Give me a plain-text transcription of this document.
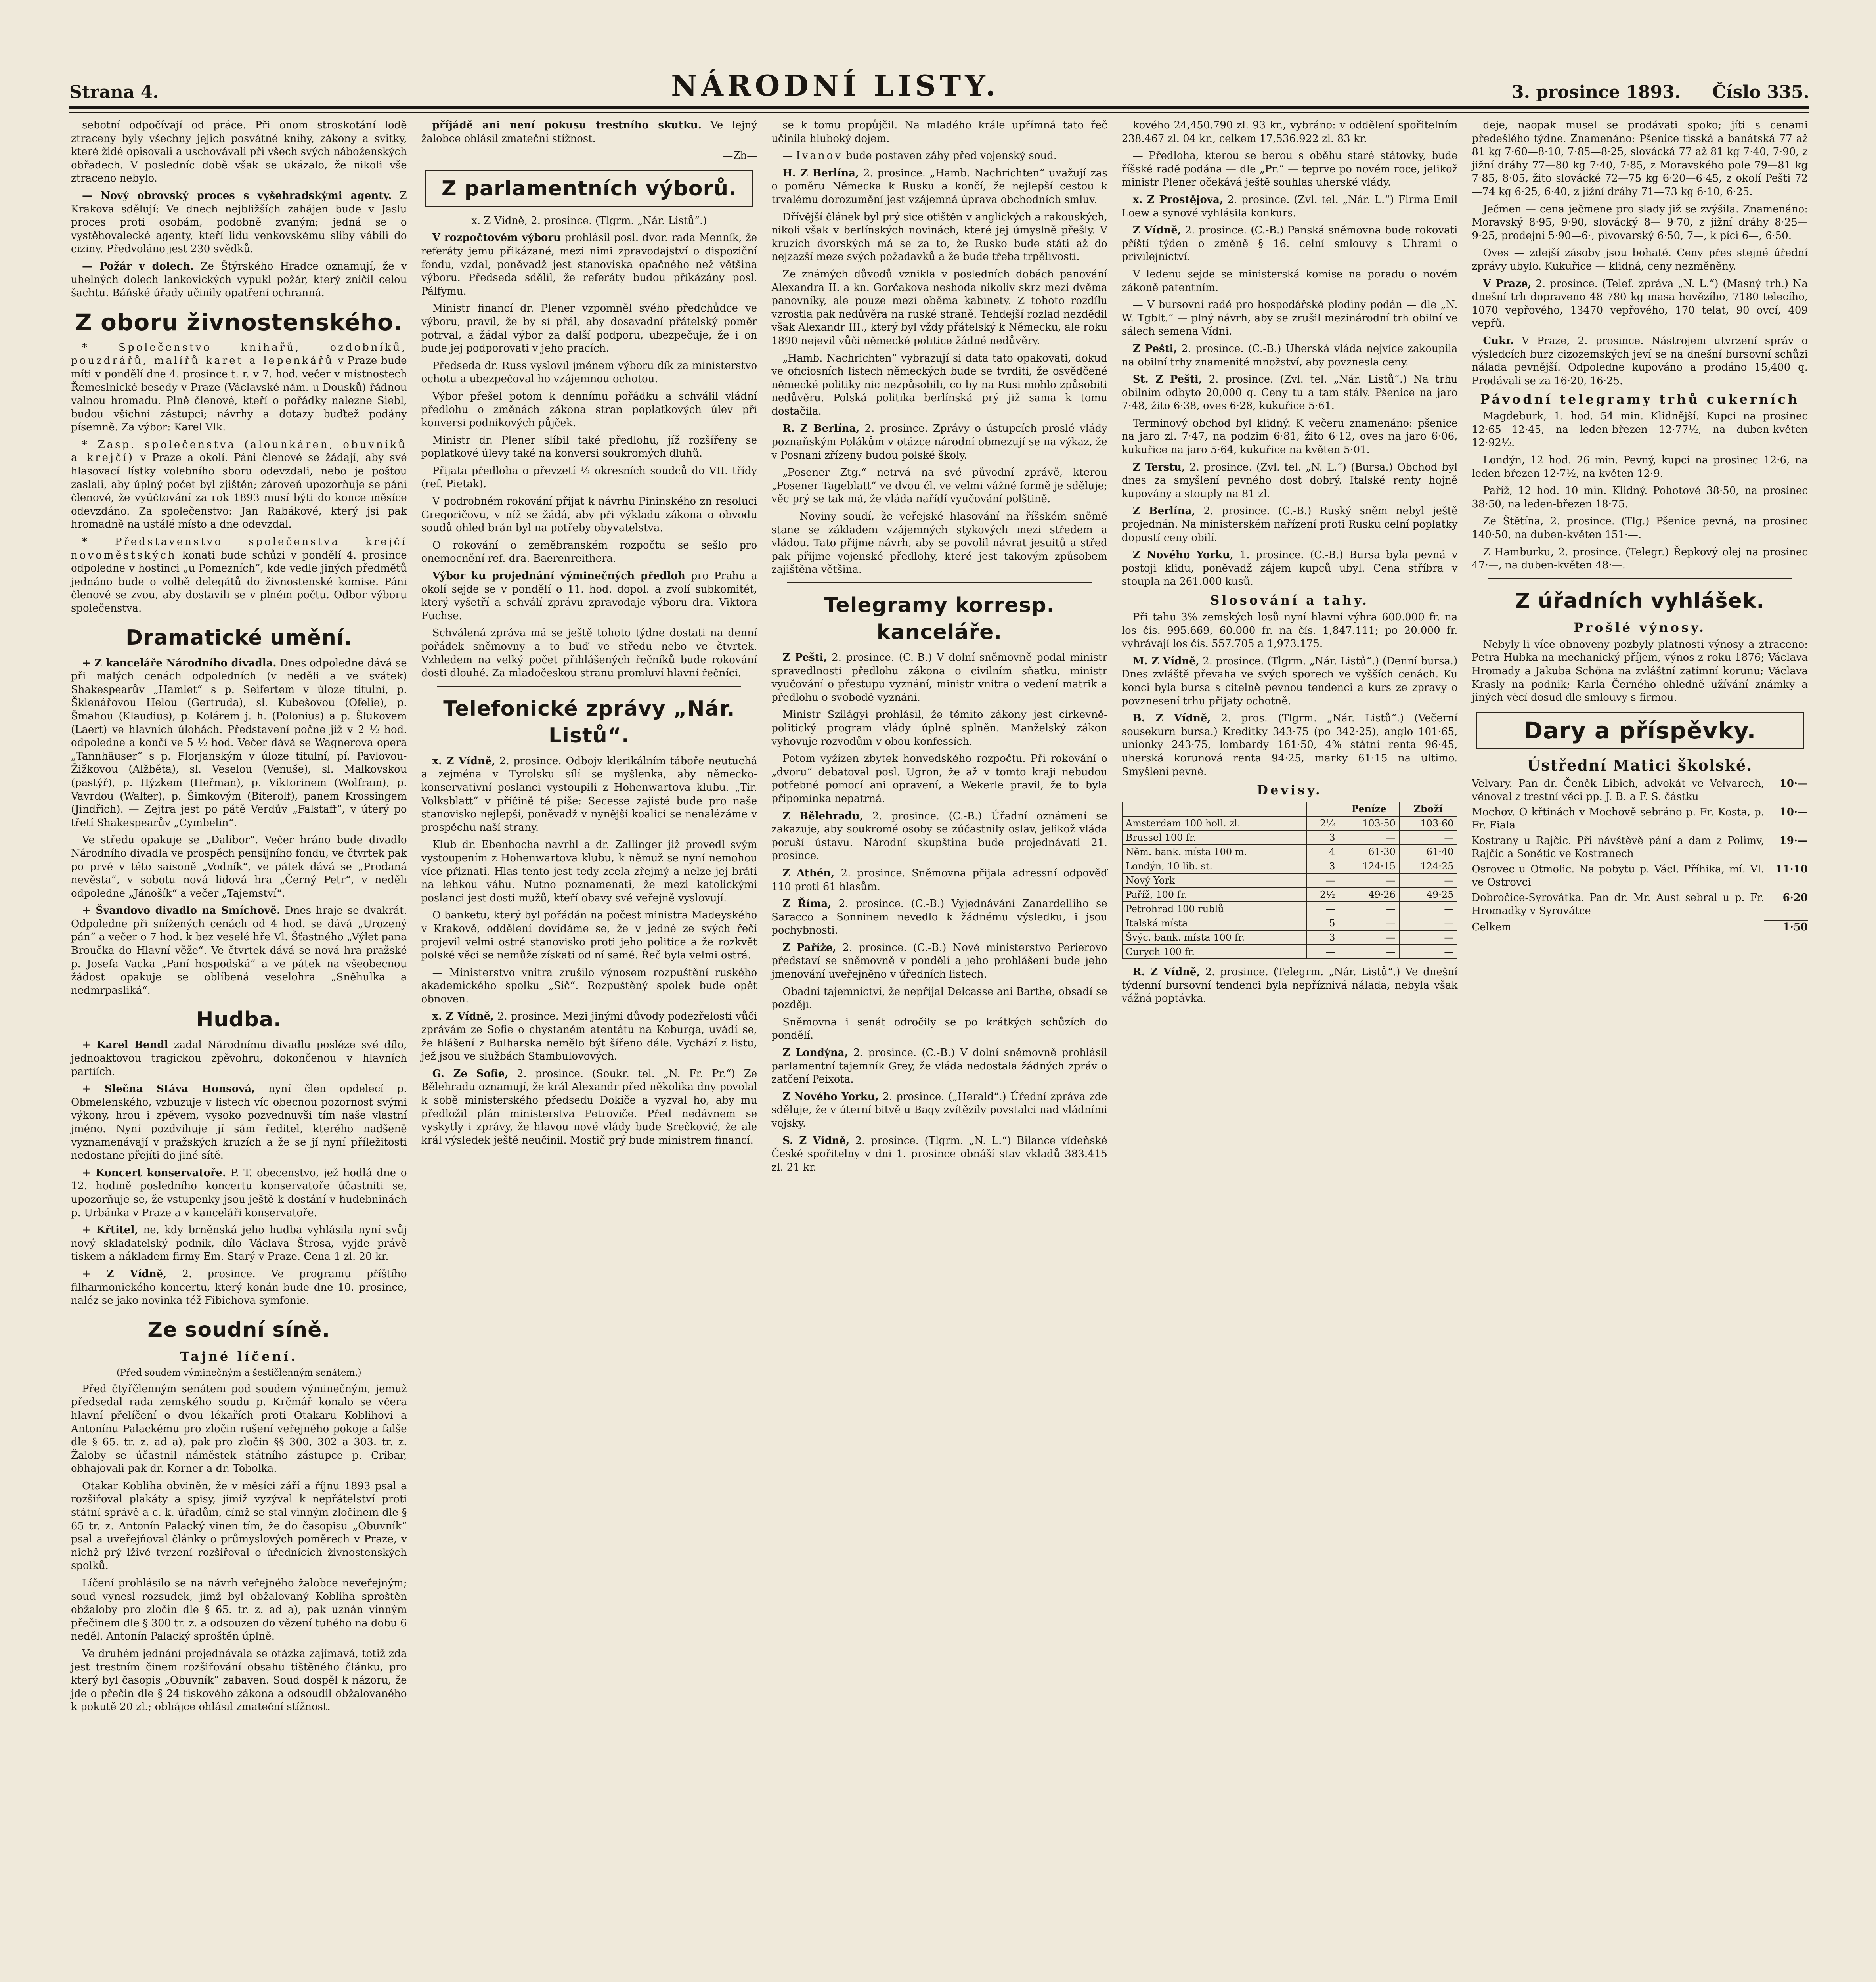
Strana 4.	NÁRODNÍ LISTY.	3. prosince 1893. Číslo 335.

sebotní odpočívají od práce. Při onom stroskotání lodě ztraceny byly všechny jejich posvátné knihy, zákony a svitky, které židé opisovali a uschovávali při všech svých náboženských obřadech. V posledníc době však se ukázalo, že nikoli vše ztraceno nebylo.

— Nový obrovský proces s vyšehradskými agenty. Z Krakova sdělují: Ve dnech nejbližších zahájen bude v Jaslu proces proti osobám, podobně zvaným; jedná se o vystěhovalecké agenty, kteří lidu venkovskému sliby vábili do ciziny. Předvoláno jest 230 svědků.

— Požár v dolech. Ze Štýrského Hradce oznamují, že v uhelných dolech lankovických vypukl požár, který zničil celou šachtu. Báňské úřady učinily opatření ochranná.

Z oboru živnostenského.

* Společenstvo knihařů, ozdobníků, pouzdrářů, malířů karet a lepenkářů v Praze bude míti v pondělí dne 4. prosince t. r. v 7. hod. večer v místnostech Řemeslnické besedy v Praze (Václavské nám. u Dousků) řádnou valnou hromadu. Plně členové, kteří o pořádky nalezne Siebl, budou všichni zástupci; návrhy a dotazy buďtež podány písemně. Za výbor: Karel Vlk.

* Zasp. společenstva (alounkáren, obuvníků a krejčí) v Praze a okolí. Páni členové se žádají, aby své hlasovací lístky volebního sboru odevzdali, nebo je poštou zaslali, aby úplný počet byl zjištěn; zároveň upozorňuje se páni členové, že vyúčtování za rok 1893 musí býti do konce měsíce odevzdáno. Za společenstvo: Jan Rabákové, který jsi pak hromadně na ustálé místo a dne odevzdal.

* Představenstvo společenstva krejčí novoměstských konati bude schůzi v pondělí 4. prosince odpoledne v hostinci „u Pomezních“, kde vedle jiných předmětů jednáno bude o volbě delegátů do živnostenské komise. Páni členové se zvou, aby dostavili se v plném počtu. Odbor výboru společenstva.

Dramatické umění.

+ Z kanceláře Národního divadla. Dnes odpoledne dává se při malých cenách odpoledních (v neděli a ve svátek) Shakespearův „Hamlet“ s p. Seifertem v úloze titulní, p. Šklenářovou Helou (Gertruda), sl. Kubešovou (Ofelie), p. Šmahou (Klaudius), p. Kolárem j. h. (Polonius) a p. Šlukovem (Laert) ve hlavních úlohách. Představení počne již v 2 ½ hod. odpoledne a končí ve 5 ½ hod. Večer dává se Wagnerova opera „Tannhäuser“ s p. Florjanským v úloze titulní, pí. Pavlovou-Žižkovou (Alžběta), sl. Veselou (Venuše), sl. Malkovskou (pastýř), p. Hýzkem (Heřman), p. Viktorinem (Wolfram), p. Vavrdou (Walter), p. Šimkovým (Biterolf), panem Krossingem (Jindřich). — Zejtra jest po pátě Verdův „Falstaff“, v úterý po třetí Shakespearův „Cymbelin“.

Ve středu opakuje se „Dalibor“. Večer hráno bude divadlo Národního divadla ve prospěch pensijního fondu, ve čtvrtek pak po prvé v této saisoně „Vodník“, ve pátek dává se „Prodaná nevěsta“, v sobotu nová lidová hra „Černý Petr“, v neděli odpoledne „Jánošík“ a večer „Tajemství“.

+ Švandovo divadlo na Smíchově. Dnes hraje se dvakrát. Odpoledne při snížených cenách od 4 hod. se dává „Urozený pán“ a večer o 7 hod. k bez veselé hře Vl. Šťastného „Výlet pana Broučka do Hlavní věže“. Ve čtvrtek dává se nová hra pražské p. Josefa Vacka „Paní hospodská“ a ve pátek na všeobecnou žádost opakuje se oblíbená veselohra „Sněhulka a nedmrpasliká“.

Hudba.

+ Karel Bendl zadal Národnímu divadlu posléze své dílo, jednoaktovou tragickou zpěvohru, dokončenou v hlavních partiích.

+ Slečna Stáva Honsová, nyní člen opdelecí p. Obmelenského, vzbuzuje v listech víc obecnou pozornost svými výkony, hrou i zpěvem, vysoko pozvednuvši tím naše vlastní jméno. Nyní pozdvihuje jí sám ředitel, kterého nadšeně vyznamenávají v pražských kruzích a že se jí nyní příležitosti nedostane přejíti do jiné sítě.

+ Koncert konservatoře. P. T. obecenstvo, jež hodlá dne o 12. hodině posledního koncertu konservatoře účastniti se, upozorňuje se, že vstupenky jsou ještě k dostání v hudebninách p. Urbánka v Praze a v kanceláři konservatoře.

+ Křtitel, ne, kdy brněnská jeho hudba vyhlásila nyní svůj nový skladatelský podnik, dílo Václava Štrosa, vyjde právě tiskem a nákladem firmy Em. Starý v Praze. Cena 1 zl. 20 kr.

+ Z Vídně, 2. prosince. Ve programu příštího filharmonického koncertu, který konán bude dne 10. prosince, naléz se jako novinka též Fibichova symfonie.

Ze soudní síně.
Tajné líčení.

(Před soudem výminečným a šestičlenným senátem.)

Před čtyřčlenným senátem pod soudem výminečným, jemuž předsedal rada zemského soudu p. Krčmář konalo se včera hlavní přelíčení o dvou lékařích proti Otakaru Koblihovi a Antonínu Palackému pro zločin rušení veřejného pokoje a falše dle § 65. tr. z. ad a), pak pro zločin §§ 300, 302 a 303. tr. z. Žaloby se účastnil náměstek státního zástupce p. Cribar, obhajovali pak dr. Korner a dr. Tobolka.

Otakar Kobliha obviněn, že v měsíci září a říjnu 1893 psal a rozšiřoval plakáty a spisy, jimiž vyzýval k nepřátelství proti státní správě a c. k. úřadům, čímž se stal vinným zločinem dle § 65 tr. z. Antonín Palacký vinen tím, že do časopisu „Obuvník“ psal a uveřejňoval články o průmyslových poměrech v Praze, v nichž prý lživé tvrzení rozšiřoval o úřednících živnostenských spolků.

Líčení prohlásilo se na návrh veřejného žalobce neveřejným; soud vynesl rozsudek, jímž byl obžalovaný Kobliha sproštěn obžaloby pro zločin dle § 65. tr. z. ad a), pak uznán vinným přečinem dle § 300 tr. z. a odsouzen do vězení tuhého na dobu 6 neděl. Antonín Palacký sproštěn úplně.

Ve druhém jednání projednávala se otázka zajímavá, totiž zda jest trestním činem rozšiřování obsahu tištěného článku, pro který byl časopis „Obuvník“ zabaven. Soud dospěl k názoru, že jde o přečin dle § 24 tiskového zákona a odsoudil obžalovaného k pokutě 20 zl.; obhájce ohlásil zmateční stížnost.

příjádě ani není pokusu trestního skutku. Ve lejný žalobce ohlásil zmateční stížnost.

—Zb—

Z parlamentních výborů.

x. Z Vídně, 2. prosince. (Tlgrm. „Nár. Listů“.)

V rozpočtovém výboru prohlásil posl. dvor. rada Menník, že referáty jemu přikázané, mezi nimi zpravodajství o dispoziční fondu, vzdal, poněvadž jest stanoviska opačného než většina výboru. Předseda sdělil, že referáty budou přikázány posl. Pálfymu.

Ministr financí dr. Plener vzpomněl svého předchůdce ve výboru, pravil, že by si přál, aby dosavadní přátelský poměr potrval, a žádal výbor za další podporu, ubezpečuje, že i on bude jej podporovati v jeho pracích.

Předseda dr. Russ vyslovil jménem výboru dík za ministerstvo ochotu a ubezpečoval ho vzájemnou ochotou.

Výbor přešel potom k dennímu pořádku a schválil vládní předlohu o změnách zákona stran poplatkových úlev při konversi podnikových půjček.

Ministr dr. Plener slíbil také předlohu, jíž rozšířeny se poplatkové úlevy také na konversi soukromých dluhů.

Přijata předloha o převzetí ½ okresních soudců do VII. třídy (ref. Pietak).

V podrobném rokování přijat k návrhu Pininského zn resoluci Gregoričovu, v níž se žádá, aby při výkladu zákona o obvodu soudů ohled brán byl na potřeby obyvatelstva.

O rokování o zeměbranském rozpočtu se sešlo pro onemocnění ref. dra. Baerenreithera.

Výbor ku projednání výminečných předloh pro Prahu a okolí sejde se v pondělí o 11. hod. dopol. a zvolí subkomitét, který vyšetří a schválí zprávu zpravodaje výboru dra. Viktora Fuchse.

Schválená zpráva má se ještě tohoto týdne dostati na denní pořádek sněmovny a to buď ve středu nebo ve čtvrtek. Vzhledem na velký počet přihlášených řečníků bude rokování dosti dlouhé. Za mladočeskou stranu promluví hlavní řečníci.

Telefonické zprávy „Nár. Listů“.

x. Z Vídně, 2. prosince. Odbojv klerikálním táboře neutuchá a zejména v Tyrolsku sílí se myšlenka, aby německo-konservativní poslanci vystoupili z Hohenwartova klubu. „Tir. Volksblatt“ v příčině té píše: Secesse zajisté bude pro naše stanovisko nejlepší, poněvadž v nynější koalici se nenalézáme v prospěchu naší strany.

Klub dr. Ebenhocha navrhl a dr. Zallinger již provedl svým vystoupením z Hohenwartova klubu, k němuž se nyní nemohou více přiznati. Hlas tento jest tedy zcela zřejmý a nelze jej bráti na lehkou váhu. Nutno poznamenati, že mezi katolickými poslanci jest dosti mužů, kteří obavy své veřejně vyslovují.

O banketu, který byl pořádán na počest ministra Madeyského v Krakově, oddělení dovídáme se, že v jedné ze svých řečí projevil velmi ostré stanovisko proti jeho politice a že rozkvět polské věci se nemůže získati od ní samé. Řeč byla velmi ostrá.

— Ministerstvo vnitra zrušilo výnosem rozpuštění ruského akademického spolku „Sič“. Rozpuštěný spolek bude opět obnoven.

x. Z Vídně, 2. prosince. Mezi jinými důvody podezřelosti vůči zprávám ze Sofie o chystaném atentátu na Koburga, uvádí se, že hlášení z Bulharska nemělo být šířeno dále. Vychází z listu, jež jsou ve službách Stambulovových.

G. Ze Sofie, 2. prosince. (Soukr. tel. „N. Fr. Pr.“) Ze Bělehradu oznamují, že král Alexandr před několika dny povolal k sobě ministerského předsedu Dokiče a vyzval ho, aby mu předložil plán ministerstva Petroviče. Před nedávnem se vyskytly i zprávy, že hlavou nové vlády bude Srečković, že ale král výsledek ještě neučinil. Mostič prý bude ministrem financí.

se k tomu propůjčil. Na mladého krále upřímná tato řeč učinila hluboký dojem.

— Ivanov bude postaven záhy před vojenský soud.

H. Z Berlína, 2. prosince. „Hamb. Nachrichten“ uvažují zas o poměru Německa k Rusku a končí, že nejlepší cestou k trvalému dorozumění jest vzájemná úprava obchodních smluv.

Dřívější článek byl prý sice otištěn v anglických a rakouských, nikoli však v berlínských novinách, které jej úmyslně přešly. V kruzích dvorských má se za to, že Rusko bude státi až do nejzazší meze svých požadavků a že bude třeba trpělivosti.

Ze známých důvodů vznikla v posledních dobách panování Alexandra II. a kn. Gorčakova neshoda nikoliv skrz mezi dvěma panovníky, ale pouze mezi oběma kabinety. Z tohoto rozdílu vzrostla pak nedůvěra na ruské straně. Tehdejší rozlad nezdědil však Alexandr III., který byl vždy přátelský k Německu, ale roku 1890 nejevil vůči německé politice žádné nedůvěry.

„Hamb. Nachrichten“ vybrazují si data tato opakovati, dokud ve oficiosních listech německých bude se tvrditi, že osvědčené německé politiky nic nezpůsobili, co by na Rusi mohlo způsobiti nedůvěru. Polská politika berlínská prý již sama k tomu dostačila.

R. Z Berlína, 2. prosince. Zprávy o ústupcích proslé vlády poznaňským Polákům v otázce národní obmezují se na výkaz, že v Posnani zřízeny budou polské školy.

„Posener Ztg.“ netrvá na své původní zprávě, kterou „Posener Tageblatt“ ve dvou čl. ve velmi vážné formě je sděluje; věc prý se tak má, že vláda nařídí vyučování polštině.

— Noviny soudí, že veřejské hlasování na říšském sněmě stane se základem vzájemných stykových mezi středem a vládou. Tato přijme návrh, aby se povolil návrat jesuitů a střed pak přijme vojenské předlohy, které jest takovým způsobem zajištěna většina.

Telegramy korresp. kanceláře.

Z Pešti, 2. prosince. (C.-B.) V dolní sněmovně podal ministr spravedlnosti předlohu zákona o civilním sňatku, ministr vyučování o přestupu vyznání, ministr vnitra o vedení matrik a předlohu o svobodě vyznání.

Ministr Szilágyi prohlásil, že těmito zákony jest církevně-politický program vlády úplně splněn. Manželský zákon vyhovuje rozvodům v obou konfessích.

Potom vyžízen zbytek honvedského rozpočtu. Při rokování o „dvoru“ debatoval posl. Ugron, že až v tomto kraji nebudou potřebné pomocí ani opravení, a Wekerle pravil, že to byla připomínka nepatrná.

Z Bělehradu, 2. prosince. (C.-B.) Úřadní oznámení se zakazuje, aby soukromé osoby se zúčastnily oslav, jelikož vláda poruší ústavu. Národní skupština bude projednávati 21. prosince.

Z Athén, 2. prosince. Sněmovna přijala adressní odpověď 110 proti 61 hlasům.

Z Říma, 2. prosince. (C.-B.) Vyjednávání Zanardelliho se Saracco a Sonninem nevedlo k žádnému výsledku, i jsou pochybnosti.

Z Paříže, 2. prosince. (C.-B.) Nové ministerstvo Perierovo představí se sněmovně v pondělí a jeho prohlášení bude jeho jmenování uveřejněno v úředních listech.

Obadni tajemnictví, že nepřijal Delcasse ani Barthe, obsadí se později.

Sněmovna i senát odročily se po krátkých schůzích do pondělí.

Z Londýna, 2. prosince. (C.-B.) V dolní sněmovně prohlásil parlamentní tajemník Grey, že vláda nedostala žádných zpráv o zatčení Peixota.

Z Nového Yorku, 2. prosince. („Herald“.) Úřední zpráva zde sděluje, že v úterní bitvě u Bagy zvítězily povstalci nad vládními vojsky.

S. Z Vídně, 2. prosince. (Tlgrm. „N. L.“) Bilance vídeňské České spořitelny v dni 1. prosince obnáší stav vkladů 383.415 zl. 21 kr.

kového 24,450.790 zl. 93 kr., vybráno: v oddělení spořitelním 238.467 zl. 04 kr., celkem 17,536.922 zl. 83 kr.

— Předloha, kterou se berou s oběhu staré státovky, bude říšské radě podána — dle „Pr.“ — teprve po novém roce, jelikož ministr Plener očekává ještě souhlas uherské vlády.

x. Z Prostějova, 2. prosince. (Zvl. tel. „Nár. L.“) Firma Emil Loew a synové vyhlásila konkurs.

Z Vídně, 2. prosince. (C.-B.) Panská sněmovna bude rokovati příští týden o změně § 16. celní smlouvy s Uhrami o privilejnictví.

V ledenu sejde se ministerská komise na poradu o novém zákoně patentním.

— V bursovní radě pro hospodářské plodiny podán — dle „N. W. Tgblt.“ — plný návrh, aby se zrušil mezinárodní trh obilní ve sálech semena Vídni.

Z Pešti, 2. prosince. (C.-B.) Uherská vláda nejvíce zakoupila na obilní trhy znamenité množství, aby povznesla ceny.

St. Z Pešti, 2. prosince. (Zvl. tel. „Nár. Listů“.) Na trhu obilním odbyto 20,000 q. Ceny tu a tam stály. Pšenice na jaro 7·48, žito 6·38, oves 6·28, kukuřice 5·61.

Terminový obchod byl klidný. K večeru znamenáno: pšenice na jaro zl. 7·47, na podzim 6·81, žito 6·12, oves na jaro 6·06, kukuřice na jaro 5·64, kukuřice na květen 5·01.

Z Terstu, 2. prosince. (Zvl. tel. „N. L.“) (Bursa.) Obchod byl dnes za smyšlení pevného dost dobrý. Italské renty hojně kupovány a stouply na 81 zl.

Z Berlína, 2. prosince. (C.-B.) Ruský sněm nebyl ještě projednán. Na ministerském nařízení proti Rusku celní poplatky dopustí ceny obilí.

Z Nového Yorku, 1. prosince. (C.-B.) Bursa byla pevná v postoji klidu, poněvadž zájem kupců ubyl. Cena stříbra v stoupla na 261.000 kusů.

Slosování a tahy.

Při tahu 3% zemských losů nyní hlavní výhra 600.000 fr. na los čís. 995.669, 60.000 fr. na čís. 1,847.111; po 20.000 fr. vyhrávají los čís. 557.705 a 1,973.175.

M. Z Vídně, 2. prosince. (Tlgrm. „Nár. Listů“.) (Denní bursa.) Dnes zvláště převaha ve svých sporech ve vyšších cenách. Ku konci byla bursa s citelně pevnou tendenci a kurs ze zpravy o povznesení trhu přijaty ochotně.

B. Z Vídně, 2. pros. (Tlgrm. „Nár. Listů“.) (Večerní sousekurn bursa.) Kreditky 343·75 (po 342·25), anglo 101·65, unionky 243·75, lombardy 161·50, 4% státní renta 96·45, uherská korunová renta 94·25, marky 61·15 na ultimo. Smyšlení pevné.

Devisy.
		Peníze	Zboží
Amsterdam 100 holl. zl.	2½	103·50	103·60
Brussel 100 fr.	3	—	—
Něm. bank. místa 100 m.	4	61·30	61·40
Londýn, 10 lib. st.	3	124·15	124·25
Nový York	—	—	—
Paříž, 100 fr.	2½	49·26	49·25
Petrohrad 100 rublů	—	—	—
Italská místa	5	—	—
Švýc. bank. místa 100 fr.	3	—	—
Curych 100 fr.	—	—	—

R. Z Vídně, 2. prosince. (Telegrm. „Nár. Listů“.) Ve dnešní týdenní bursovní tendenci byla nepříznivá nálada, nebyla však vážná poptávka.

deje, naopak musel se prodávati spoko; jíti s cenami předešlého týdne. Znamenáno: Pšenice tisská a banátská 77 až 81 kg 7·60—8·10, 7·85—8·25, slovácká 77 až 81 kg 7·40, 7·90, z jižní dráhy 77—80 kg 7·40, 7·85, z Moravského pole 79—81 kg 7·85, 8·05, žito slovácké 72—75 kg 6·20—6·45, z okolí Pešti 72—74 kg 6·25, 6·40, z jižní dráhy 71—73 kg 6·10, 6·25.

Ječmen — cena ječmene pro slady již se zvýšila. Znamenáno: Moravský 8·95, 9·90, slovácký 8— 9·70, z jižní dráhy 8·25—9·25, prodejní 5·90—6·, pivovarský 6·50, 7—, k píci 6—, 6·50.

Oves — zdejší zásoby jsou bohaté. Ceny přes stejné úřední zprávy ubylo. Kukuřice — klidná, ceny nezměněny.

V Praze, 2. prosince. (Telef. zpráva „N. L.“) (Masný trh.) Na dnešní trh dopraveno 48 780 kg masa hovězího, 7180 telecího, 1070 vepřového, 13470 vepřového, 170 telat, 90 ovcí, 409 vepřů.

Cukr. V Praze, 2. prosince. Nástrojem utvrzení správ o výsledcích burz cizozemských jeví se na dnešní bursovní schůzi nálada pevnější. Odpoledne kupováno a prodáno 15,400 q. Prodávali se za 16·20, 16·25.

Pávodní telegramy trhů cukerních

Magdeburk, 1. hod. 54 min. Klidnější. Kupci na prosinec 12·65—12·45, na leden-březen 12·77½, na duben-květen 12·92½.

Londýn, 12 hod. 26 min. Pevný, kupci na prosinec 12·6, na leden-březen 12·7½, na květen 12·9.

Paříž, 12 hod. 10 min. Klidný. Pohotové 38·50, na prosinec 38·50, na leden-březen 18·75.

Ze Štětína, 2. prosince. (Tlg.) Pšenice pevná, na prosinec 140·50, na duben-květen 151·—.

Z Hamburku, 2. prosince. (Telegr.) Řepkový olej na prosinec 47·—, na duben-květen 48·—.

Z úřadních vyhlášek.
Prošlé výnosy.

Nebyly-li více obnoveny pozbyly platnosti výnosy a ztraceno: Petra Hubka na mechanický příjem, výnos z roku 1876; Václava Hromady a Jakuba Schöna na zvláštní zatímní korunu; Václava Krasly na podnik; Karla Černého ohledně užívání známky a jiných věcí dosud dle smlouvy s firmou.

Dary a příspěvky.
Ústřední Matici školské.
Velvary. Pan dr. Čeněk Libich, advokát ve Velvarech, věnoval z trestní věci pp. J. B. a F. S. částku
10·—
Mochov. O křtinách v Mochově sebráno p. Fr. Kosta, p. Fr. Fiala
10·—
Kostrany u Rajčic. Při návštěvě pání a dam z Polimv, Rajčic a Sonětic ve Kostranech
19·—
Osrovec u Otmolic. Na pobytu p. Václ. Příhika, mí. Vl. ve Ostrovci
11·10
Dobročice-Syrovátka. Pan dr. Mr. Aust sebral u p. Fr. Hromadky v Syrovátce
6·20
Celkem	1·50
